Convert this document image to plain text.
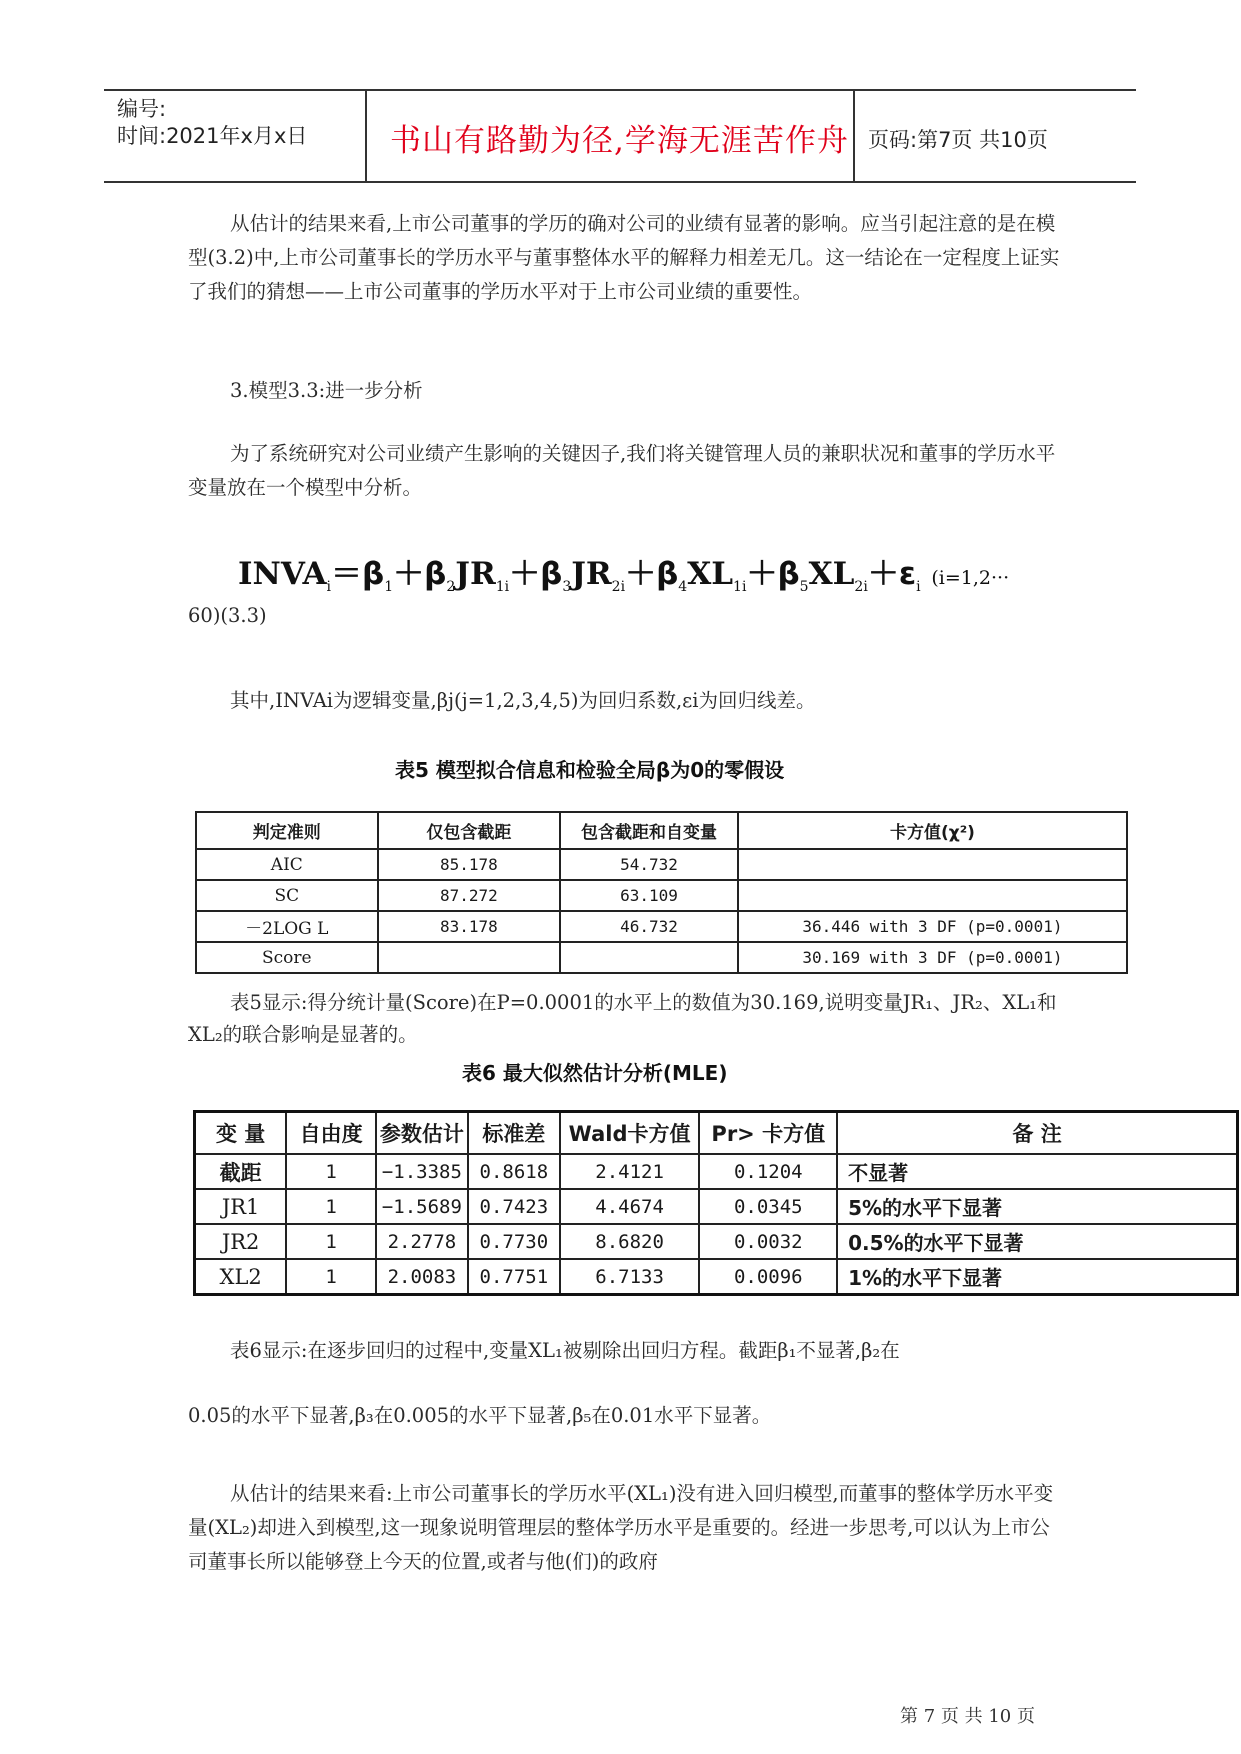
编号:
时间:2021年x月x日	书山有路勤为径,学海无涯苦作舟 页码:第7页 共10页

从估计的结果来看,上市公司董事的学历的确对公司的业绩有显著的影响。应当引起注意的是在模型(3.2)中,上市公司董事长的学历水平与董事整体水平的解释力相差无几。这一结论在一定程度上证实了我们的猜想——上市公司董事的学历水平对于上市公司业绩的重要性。

3.模型3.3:进一步分析

为了系统研究对公司业绩产生影响的关键因子,我们将关键管理人员的兼职状况和董事的学历水平变量放在一个模型中分析。

$INVA_i=\beta_1+\beta_2JR_{1i}+\beta_3JR_{2i}+\beta_4XL_{1i}+\beta_5XL_{2i}+\varepsilon_i$ (i=1,2···
60)(3.3)

其中,INVAi为逻辑变量,βj(j=1,2,3,4,5)为回归系数,εi为回归线差。

表5 模型拟合信息和检验全局β为0的零假设
判定准则	仅包含截距	包含截距和自变量	卡方值(χ²)
AIC	85.178	54.732	
SC	87.272	63.109	
－2LOG L	83.178	46.732	36.446 with 3 DF (p=0.0001)
Score			30.169 with 3 DF (p=0.0001)

表5显示:得分统计量(Score)在P=0.0001的水平上的数值为30.169,说明变量JR₁、JR₂、XL₁和XL₂的联合影响是显著的。

表6 最大似然估计分析(MLE)
变 量	自由度	参数估计	标准差	Wald卡方值	Pr> 卡方值	备 注
截距	1	−1.3385	0.8618	2.4121	0.1204	不显著
JR1	1	−1.5689	0.7423	4.4674	0.0345	5%的水平下显著
JR2	1	2.2778	0.7730	8.6820	0.0032	0.5%的水平下显著
XL2	1	2.0083	0.7751	6.7133	0.0096	1%的水平下显著

表6显示:在逐步回归的过程中,变量XL₁被剔除出回归方程。截距β₁不显著,β₂在

0.05的水平下显著,β₃在0.005的水平下显著,β₅在0.01水平下显著。

从估计的结果来看:上市公司董事长的学历水平(XL₁)没有进入回归模型,而董事的整体学历水平变量(XL₂)却进入到模型,这一现象说明管理层的整体学历水平是重要的。经进一步思考,可以认为上市公司董事长所以能够登上今天的位置,或者与他(们)的政府

第 7 页 共 10 页
